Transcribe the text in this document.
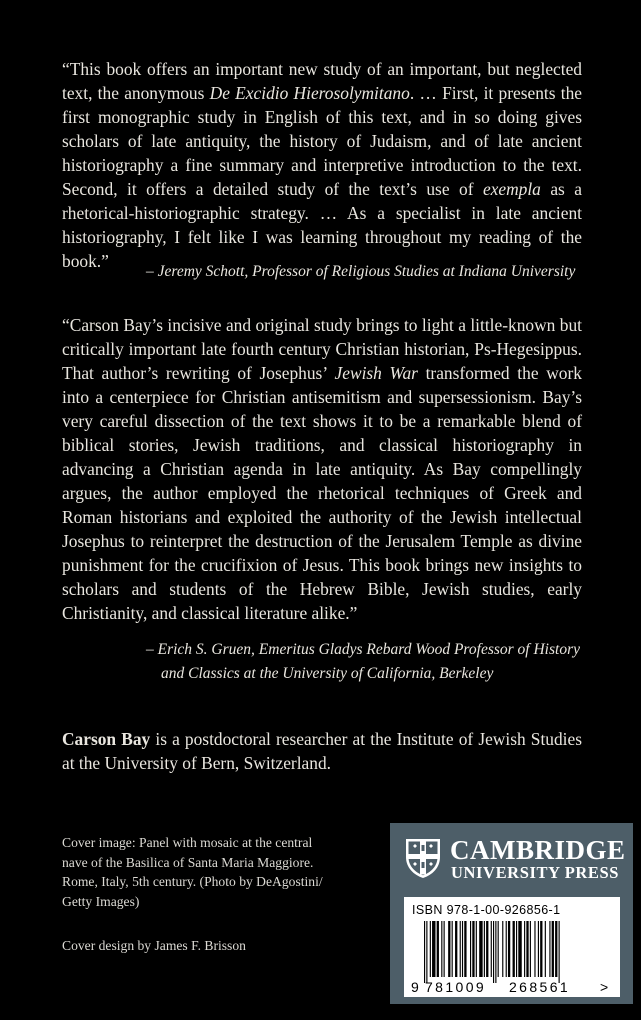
“This book offers an important new study of an important, but neglected text, the anonymous De Excidio Hierosolymitano. … First, it presents the first monographic study in English of this text, and in so doing gives scholars of late antiquity, the history of Judaism, and of late ancient historiography a fine summary and interpretive introduction to the text. Second, it offers a detailed study of the text’s use of exempla as a rhetorical-historiographic strategy. … As a specialist in late ancient historiography, I felt like I was learning throughout my reading of the book.”

– Jeremy Schott, Professor of Religious Studies at Indiana University

“Carson Bay’s incisive and original study brings to light a little-known but critically important late fourth century Christian historian, Ps-Hegesippus. That author’s rewriting of Josephus’ Jewish War transformed the work into a centerpiece for Christian antisemitism and supersessionism. Bay’s very careful dissection of the text shows it to be a remarkable blend of biblical stories, Jewish traditions, and classical historiography in advancing a Christian agenda in late antiquity. As Bay compellingly argues, the author employed the rhetorical techniques of Greek and Roman historians and exploited the authority of the Jewish intellectual Josephus to reinterpret the destruction of the Jerusalem Temple as divine punishment for the crucifixion of Jesus. This book brings new insights to scholars and students of the Hebrew Bible, Jewish studies, early Christianity, and classical literature alike.”

– Erich S. Gruen, Emeritus Gladys Rebard Wood Professor of History
and Classics at the University of California, Berkeley

Carson Bay is a postdoctoral researcher at the Institute of Jewish Studies at the University of Bern, Switzerland.

Cover image: Panel with mosaic at the central
nave of the Basilica of Santa Maria Maggiore.
Rome, Italy, 5th century. (Photo by DeAgostini/
Getty Images)
Cover design by James F. Brisson
CAMBRIDGE
UNIVERSITY PRESS
ISBN 978-1-00-926856-1
9 781009 268561 >
